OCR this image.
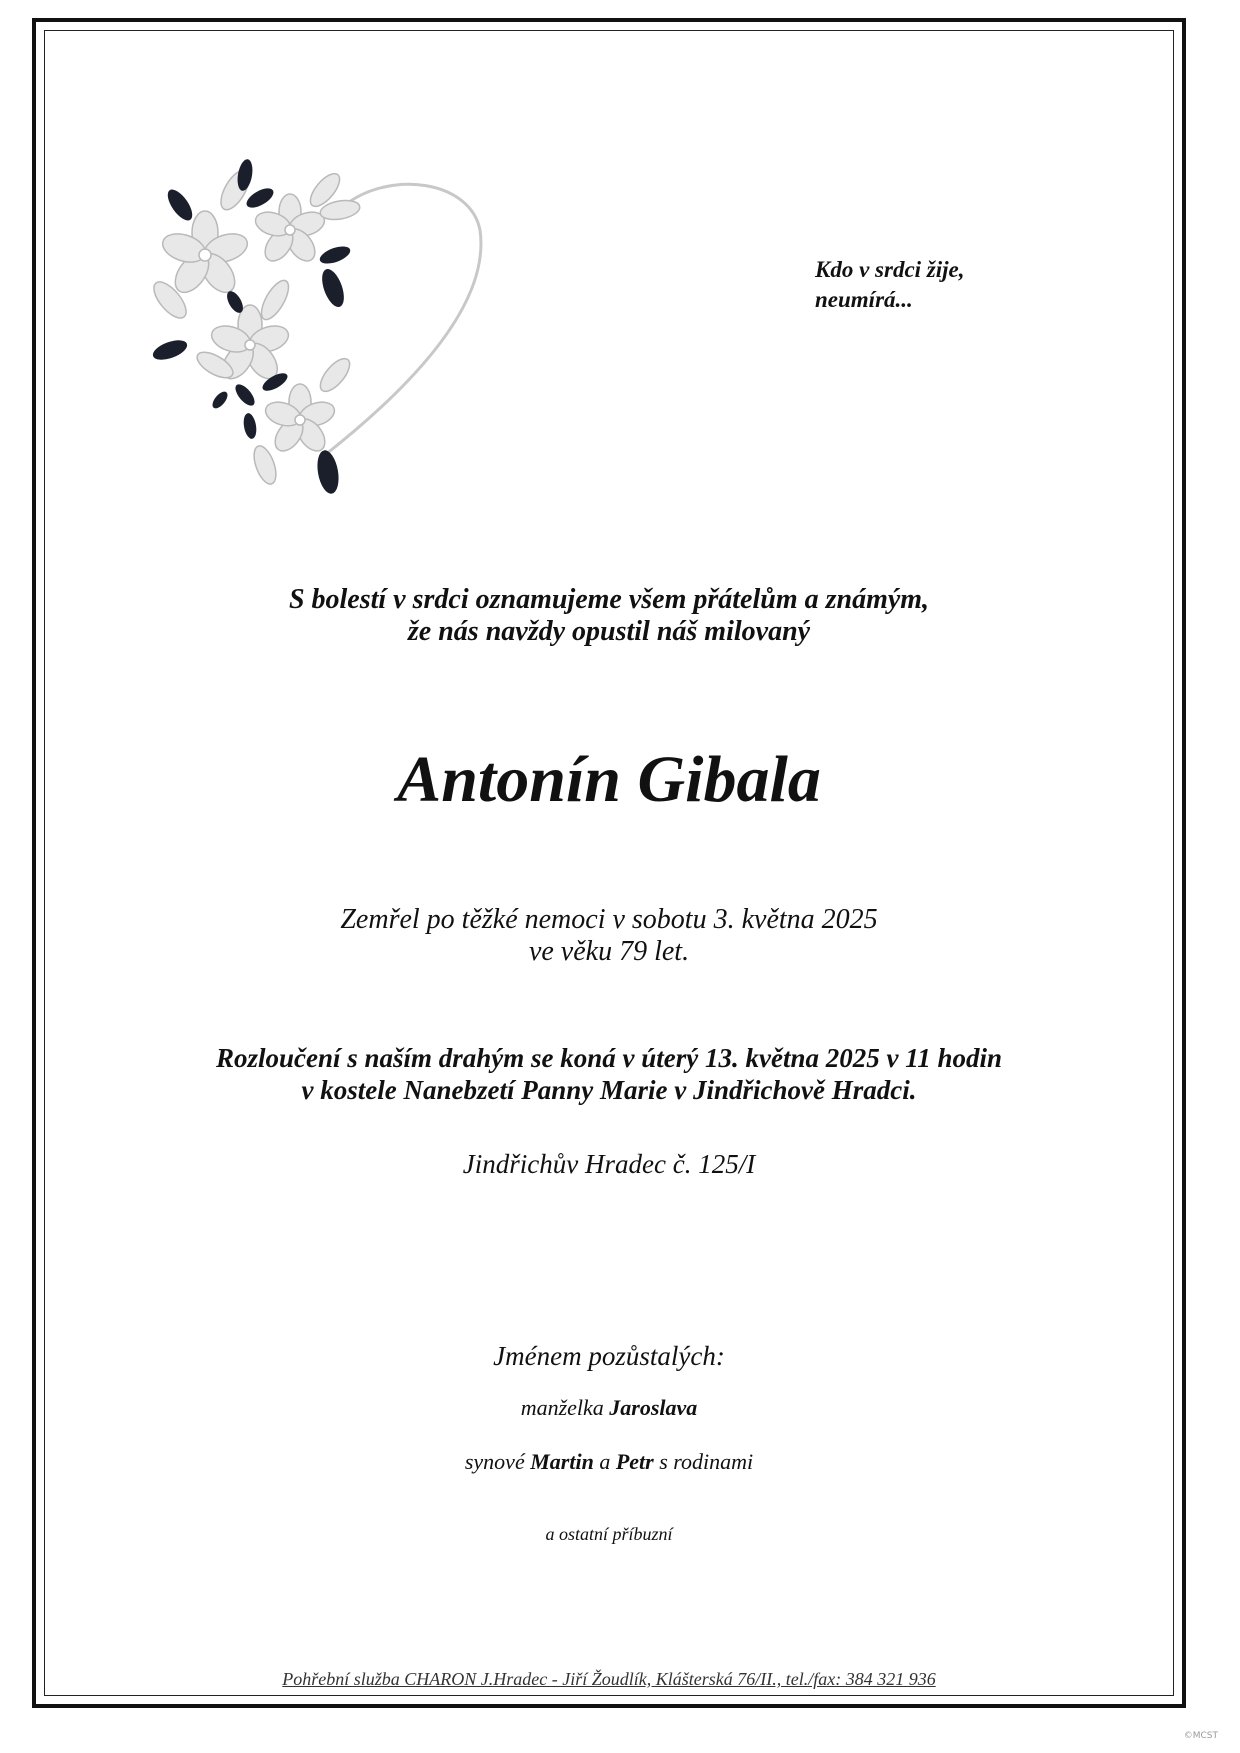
Kdo v srdci žije,
neumírá...
S bolestí v srdci oznamujeme všem přátelům a známým,
že nás navždy opustil náš milovaný
Antonín Gibala
Zemřel po těžké nemoci v sobotu 3. května 2025
ve věku 79 let.
Rozloučení s naším drahým se koná v úterý 13. května 2025 v 11 hodin
v kostele Nanebzetí Panny Marie v Jindřichově Hradci.
Jindřichův Hradec č. 125/I
Jménem pozůstalých:
manželka Jaroslava
synové Martin a Petr s rodinami
a ostatní příbuzní
Pohřební služba CHARON J.Hradec - Jiří Žoudlík, Klášterská 76/II., tel./fax: 384 321 936
©MCST
